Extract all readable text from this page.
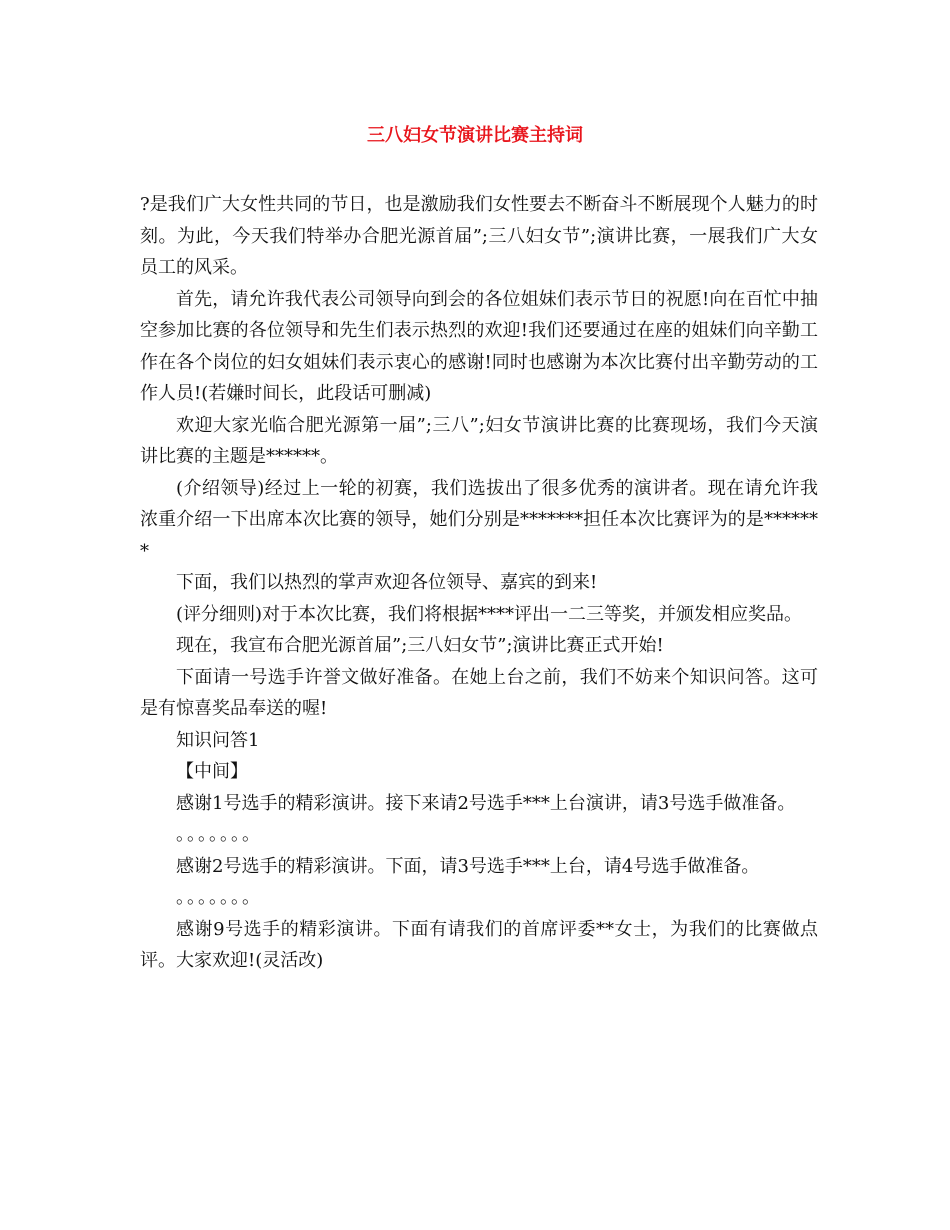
三八妇女节演讲比赛主持词

?是我们广大女性共同的节日，也是激励我们女性要去不断奋斗不断展现个人魅力的时刻。为此，今天我们特举办合肥光源首届”;三八妇女节”;演讲比赛，一展我们广大女员工的风采。

首先，请允许我代表公司领导向到会的各位姐妹们表示节日的祝愿!向在百忙中抽空参加比赛的各位领导和先生们表示热烈的欢迎!我们还要通过在座的姐妹们向辛勤工作在各个岗位的妇女姐妹们表示衷心的感谢!同时也感谢为本次比赛付出辛勤劳动的工作人员!(若嫌时间长，此段话可删减)

欢迎大家光临合肥光源第一届”;三八”;妇女节演讲比赛的比赛现场，我们今天演讲比赛的主题是******。

(介绍领导)经过上一轮的初赛，我们选拔出了很多优秀的演讲者。现在请允许我浓重介绍一下出席本次比赛的领导，她们分别是*******担任本次比赛评为的是*******

下面，我们以热烈的掌声欢迎各位领导、嘉宾的到来!

(评分细则)对于本次比赛，我们将根据****评出一二三等奖，并颁发相应奖品。

现在，我宣布合肥光源首届”;三八妇女节”;演讲比赛正式开始!

下面请一号选手许誉文做好准备。在她上台之前，我们不妨来个知识问答。这可是有惊喜奖品奉送的喔!

知识问答1

【中间】

感谢1号选手的精彩演讲。接下来请2号选手***上台演讲，请3号选手做准备。

。。。。。。。

感谢2号选手的精彩演讲。下面，请3号选手***上台，请4号选手做准备。

。。。。。。。

感谢9号选手的精彩演讲。下面有请我们的首席评委**女士，为我们的比赛做点评。大家欢迎!(灵活改)
